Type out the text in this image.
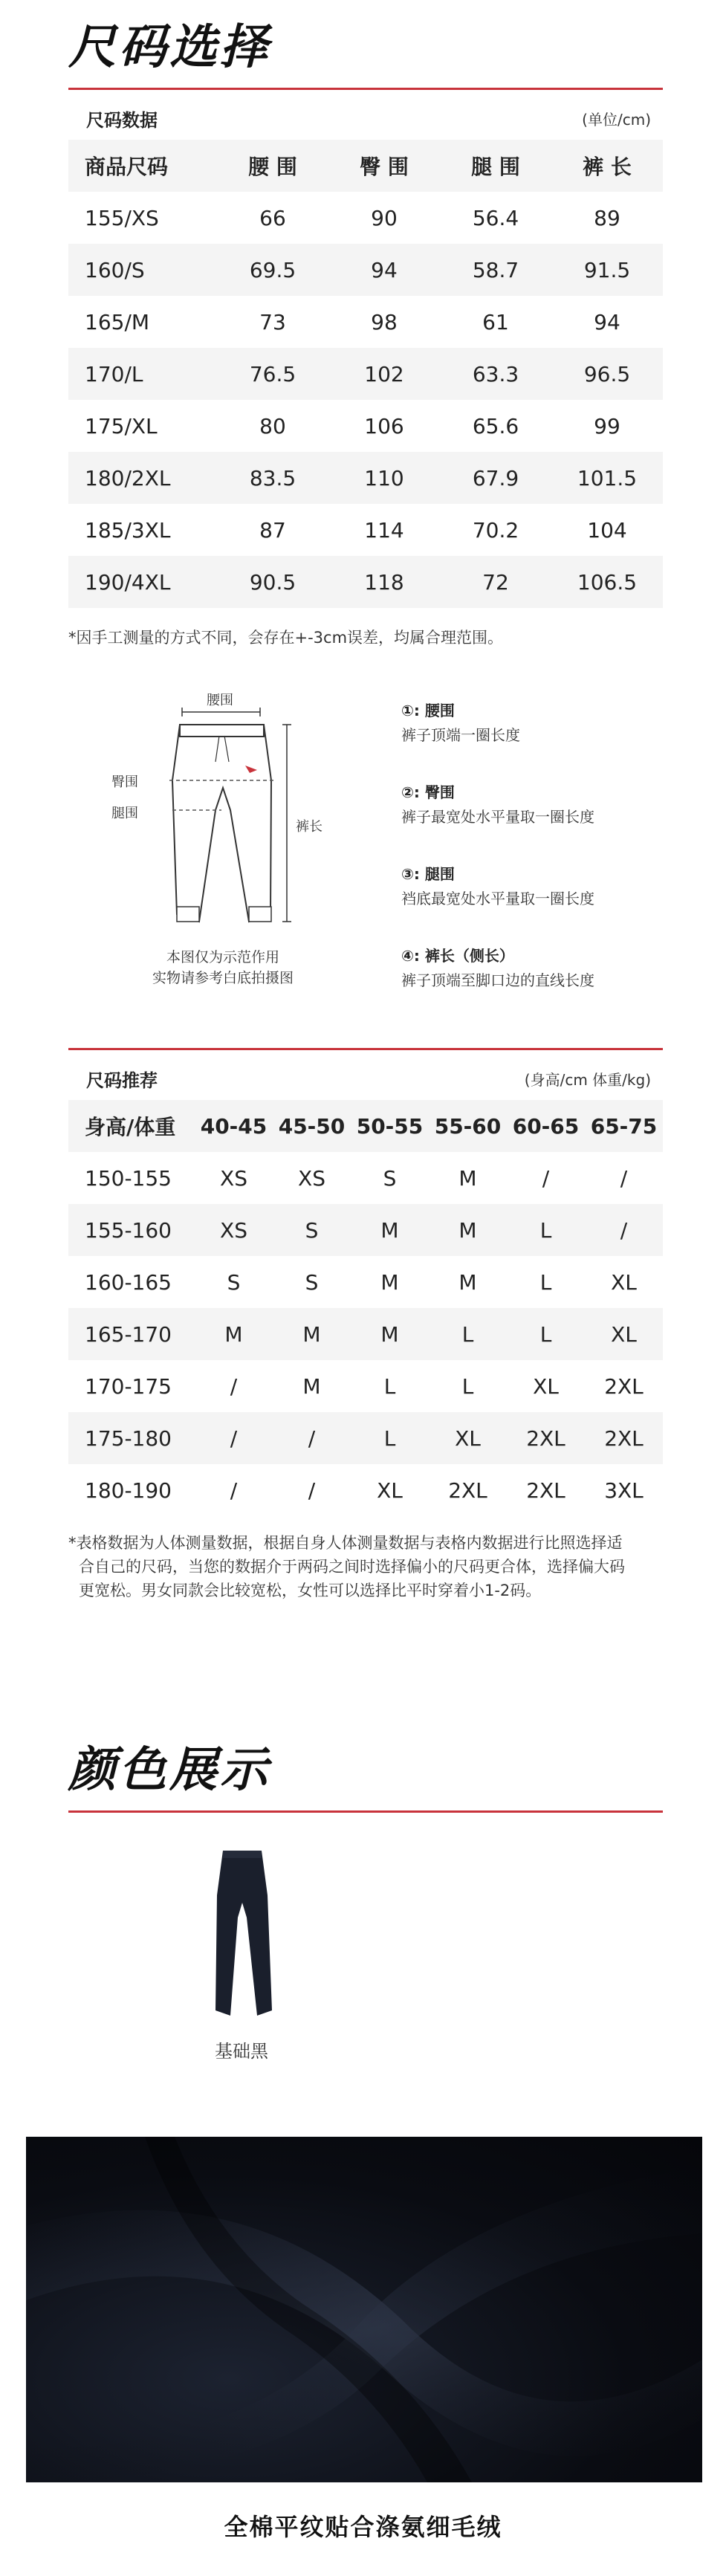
尺码选择
尺码数据	(单位/cm)
商品尺码	腰 围	臀 围	腿 围	裤 长
155/XS	66	90	56.4	89
160/S	69.5	94	58.7	91.5
165/M	73	98	61	94
170/L	76.5	102	63.3	96.5
175/XL	80	106	65.6	99
180/2XL	83.5	110	67.9	101.5
185/3XL	87	114	70.2	104
190/4XL	90.5	118	72	106.5
*因手工测量的方式不同，会存在+-3cm误差，均属合理范围。
腰围
臀围
腿围
裤长
本图仅为示范作用
实物请参考白底拍摄图
①: 腰围
裤子顶端一圈长度
②: 臀围
裤子最宽处水平量取一圈长度
③: 腿围
裆底最宽处水平量取一圈长度
④: 裤长（侧长）
裤子顶端至脚口边的直线长度
尺码推荐	(身高/cm 体重/kg)
身高/体重	40-45	45-50	50-55	55-60	60-65	65-75
150-155	XS	XS	S	M	/	/
155-160	XS	S	M	M	L	/
160-165	S	S	M	M	L	XL
165-170	M	M	M	L	L	XL
170-175	/	M	L	L	XL	2XL
175-180	/	/	L	XL	2XL	2XL
180-190	/	/	XL	2XL	2XL	3XL
*表格数据为人体测量数据，根据自身人体测量数据与表格内数据进行比照选择适
合自己的尺码，当您的数据介于两码之间时选择偏小的尺码更合体，选择偏大码
更宽松。男女同款会比较宽松，女性可以选择比平时穿着小1-2码。
颜色展示
基础黑
全棉平纹贴合涤氨细毛绒
